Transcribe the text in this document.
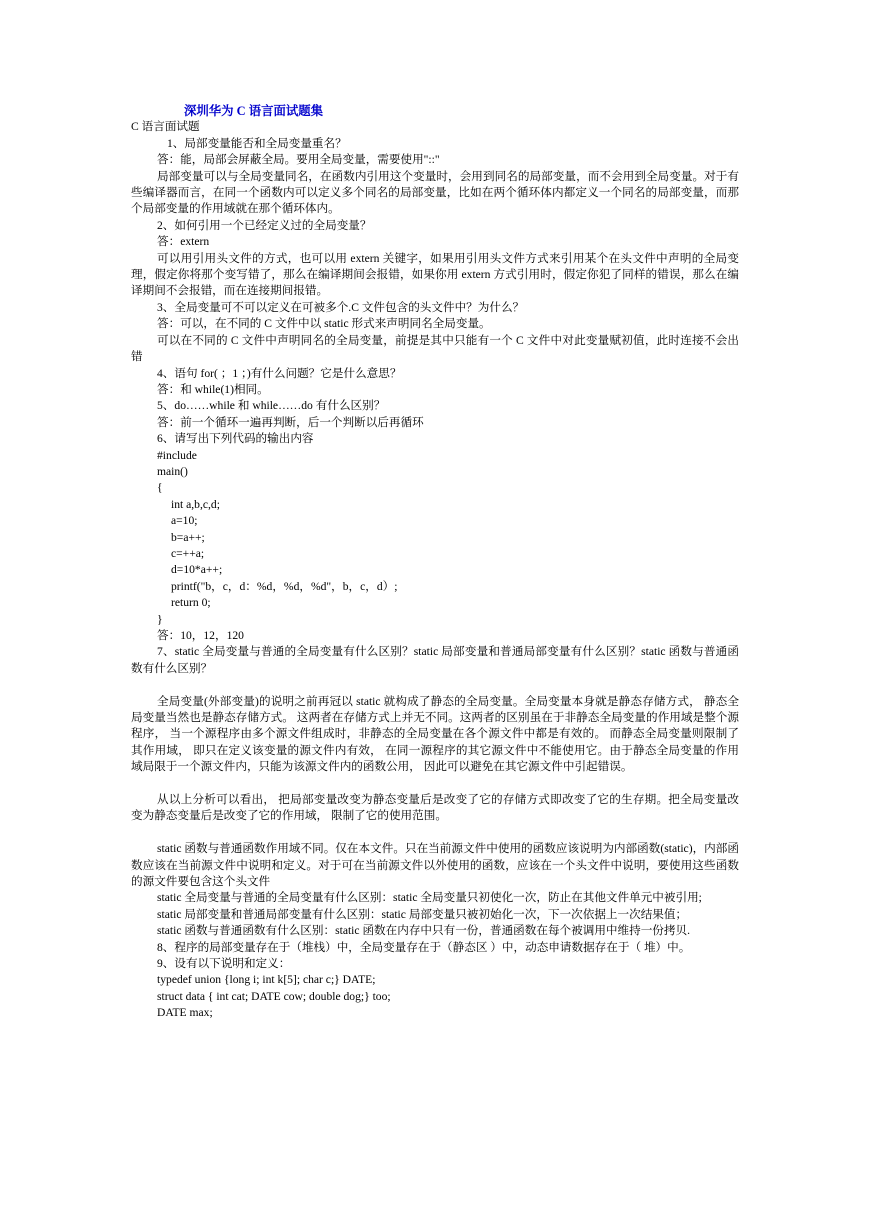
深圳华为 C 语言面试题集
C 语言面试题
1、局部变量能否和全局变量重名？
答：能，局部会屏蔽全局。要用全局变量，需要使用"::"
局部变量可以与全局变量同名，在函数内引用这个变量时，会用到同名的局部变量，而不会用到全局变量。对于有些编译器而言，在同一个函数内可以定义多个同名的局部变量，比如在两个循环体内都定义一个同名的局部变量，而那个局部变量的作用域就在那个循环体内。
2、如何引用一个已经定义过的全局变量？
答：extern
可以用引用头文件的方式，也可以用 extern 关键字，如果用引用头文件方式来引用某个在头文件中声明的全局变理，假定你将那个变写错了，那么在编译期间会报错，如果你用 extern 方式引用时，假定你犯了同样的错误，那么在编译期间不会报错，而在连接期间报错。
3、全局变量可不可以定义在可被多个.C 文件包含的头文件中？为什么？
答：可以，在不同的 C 文件中以 static 形式来声明同名全局变量。
可以在不同的 C 文件中声明同名的全局变量，前提是其中只能有一个 C 文件中对此变量赋初值，此时连接不会出错
4、语句 for( ；1 ；)有什么问题？它是什么意思？
答：和 while(1)相同。
5、do……while 和 while……do 有什么区别？
答：前一个循环一遍再判断，后一个判断以后再循环
6、请写出下列代码的输出内容
#include
main()
{
int a,b,c,d;
a=10;
b=a++;
c=++a;
d=10*a++;
printf("b，c，d：%d，%d，%d"，b，c，d）;
return 0;
}
答：10，12，120
7、static 全局变量与普通的全局变量有什么区别？static 局部变量和普通局部变量有什么区别？static 函数与普通函数有什么区别？
全局变量(外部变量)的说明之前再冠以 static 就构成了静态的全局变量。全局变量本身就是静态存储方式， 静态全局变量当然也是静态存储方式。 这两者在存储方式上并无不同。这两者的区别虽在于非静态全局变量的作用域是整个源程序， 当一个源程序由多个源文件组成时，非静态的全局变量在各个源文件中都是有效的。 而静态全局变量则限制了其作用域， 即只在定义该变量的源文件内有效， 在同一源程序的其它源文件中不能使用它。由于静态全局变量的作用域局限于一个源文件内，只能为该源文件内的函数公用， 因此可以避免在其它源文件中引起错误。
从以上分析可以看出， 把局部变量改变为静态变量后是改变了它的存储方式即改变了它的生存期。把全局变量改变为静态变量后是改变了它的作用域， 限制了它的使用范围。
static 函数与普通函数作用域不同。仅在本文件。只在当前源文件中使用的函数应该说明为内部函数(static)，内部函数应该在当前源文件中说明和定义。对于可在当前源文件以外使用的函数，应该在一个头文件中说明，要使用这些函数的源文件要包含这个头文件
static 全局变量与普通的全局变量有什么区别：static 全局变量只初使化一次，防止在其他文件单元中被引用;
static 局部变量和普通局部变量有什么区别：static 局部变量只被初始化一次，下一次依据上一次结果值；
static 函数与普通函数有什么区别：static 函数在内存中只有一份，普通函数在每个被调用中维持一份拷贝.
8、程序的局部变量存在于（堆栈）中，全局变量存在于（静态区 ）中，动态申请数据存在于（ 堆）中。
9、设有以下说明和定义：
typedef union {long i; int k[5]; char c;} DATE;
struct data { int cat; DATE cow; double dog;} too;
DATE max;
